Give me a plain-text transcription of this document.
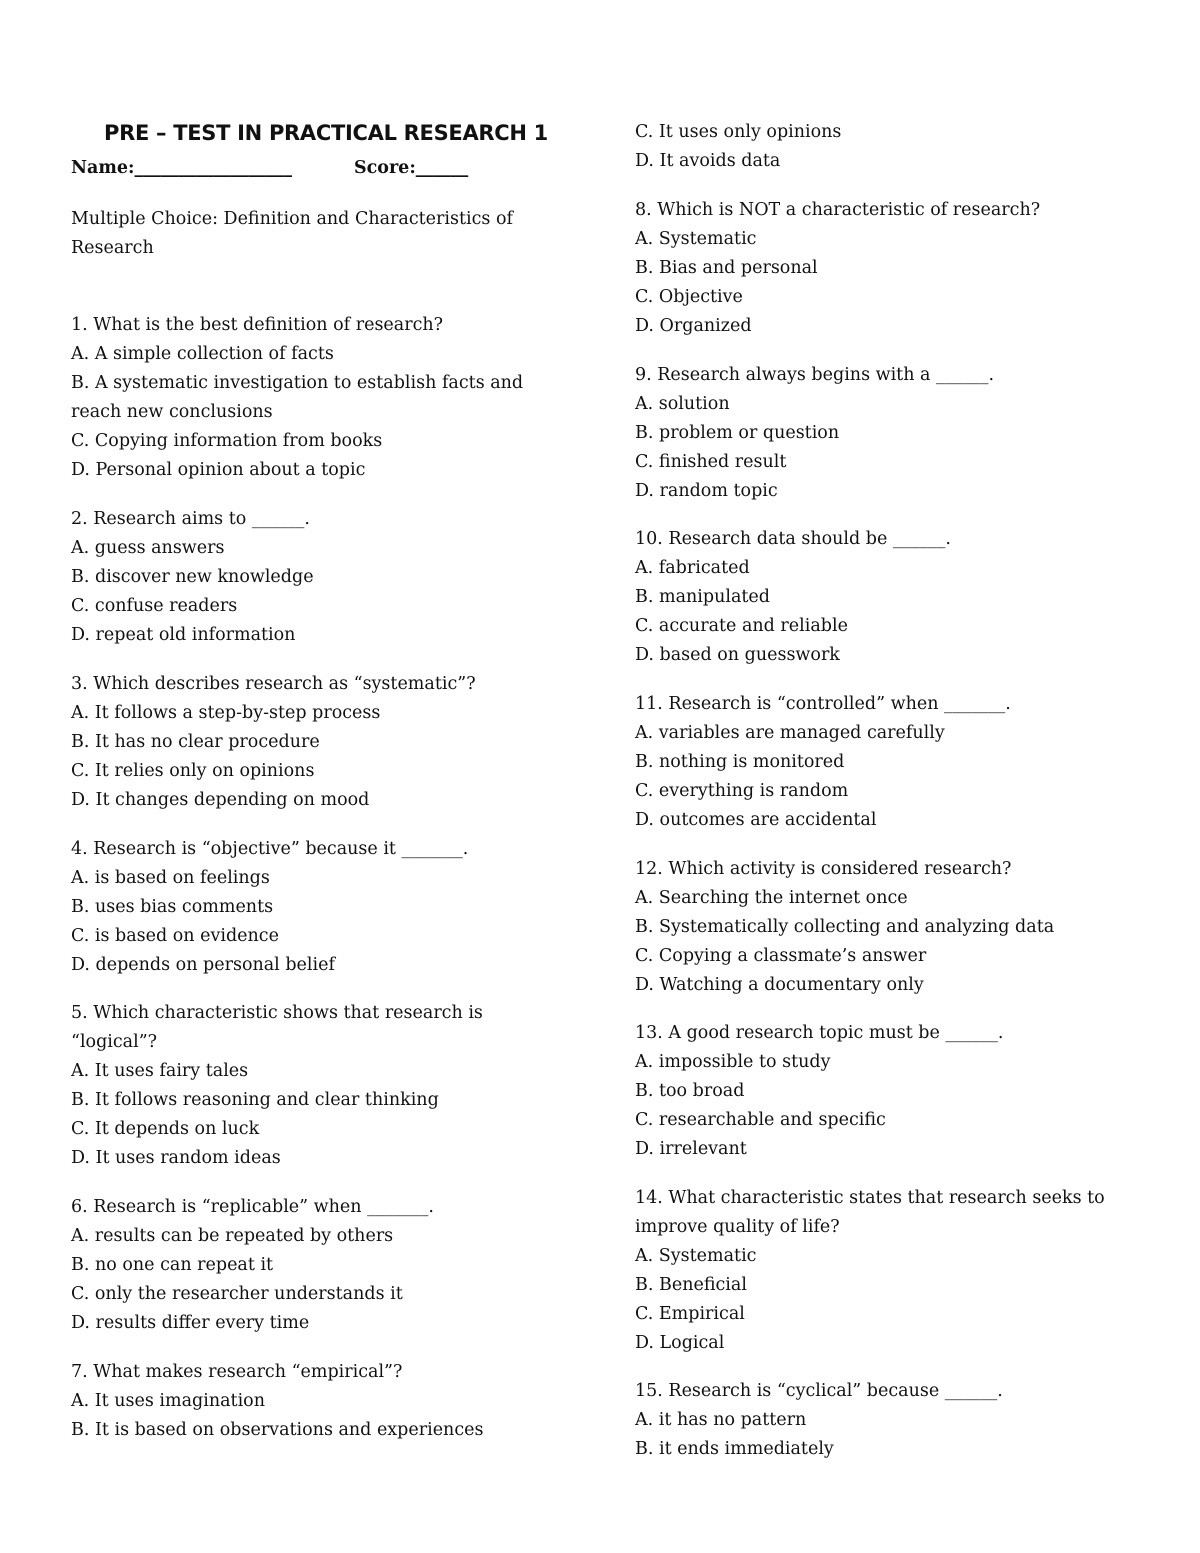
PRE – TEST IN PRACTICAL RESEARCH 1
Name:__________________	Score:______
Multiple Choice: Definition and Characteristics of Research
1. What is the best definition of research?
A. A simple collection of facts
B. A systematic investigation to establish facts and reach new conclusions
C. Copying information from books
D. Personal opinion about a topic
2. Research aims to ______.
A. guess answers
B. discover new knowledge
C. confuse readers
D. repeat old information
3. Which describes research as “systematic”?
A. It follows a step-by-step process
B. It has no clear procedure
C. It relies only on opinions
D. It changes depending on mood
4. Research is “objective” because it _______.
A. is based on feelings
B. uses bias comments
C. is based on evidence
D. depends on personal belief
5. Which characteristic shows that research is “logical”?
A. It uses fairy tales
B. It follows reasoning and clear thinking
C. It depends on luck
D. It uses random ideas
6. Research is “replicable” when _______.
A. results can be repeated by others
B. no one can repeat it
C. only the researcher understands it
D. results differ every time
7. What makes research “empirical”?
A. It uses imagination
B. It is based on observations and experiences
C. It uses only opinions
D. It avoids data
8. Which is NOT a characteristic of research?
A. Systematic
B. Bias and personal
C. Objective
D. Organized
9. Research always begins with a ______.
A. solution
B. problem or question
C. finished result
D. random topic
10. Research data should be ______.
A. fabricated
B. manipulated
C. accurate and reliable
D. based on guesswork
11. Research is “controlled” when _______.
A. variables are managed carefully
B. nothing is monitored
C. everything is random
D. outcomes are accidental
12. Which activity is considered research?
A. Searching the internet once
B. Systematically collecting and analyzing data
C. Copying a classmate’s answer
D. Watching a documentary only
13. A good research topic must be ______.
A. impossible to study
B. too broad
C. researchable and specific
D. irrelevant
14. What characteristic states that research seeks to improve quality of life?
A. Systematic
B. Beneficial
C. Empirical
D. Logical
15. Research is “cyclical” because ______.
A. it has no pattern
B. it ends immediately
